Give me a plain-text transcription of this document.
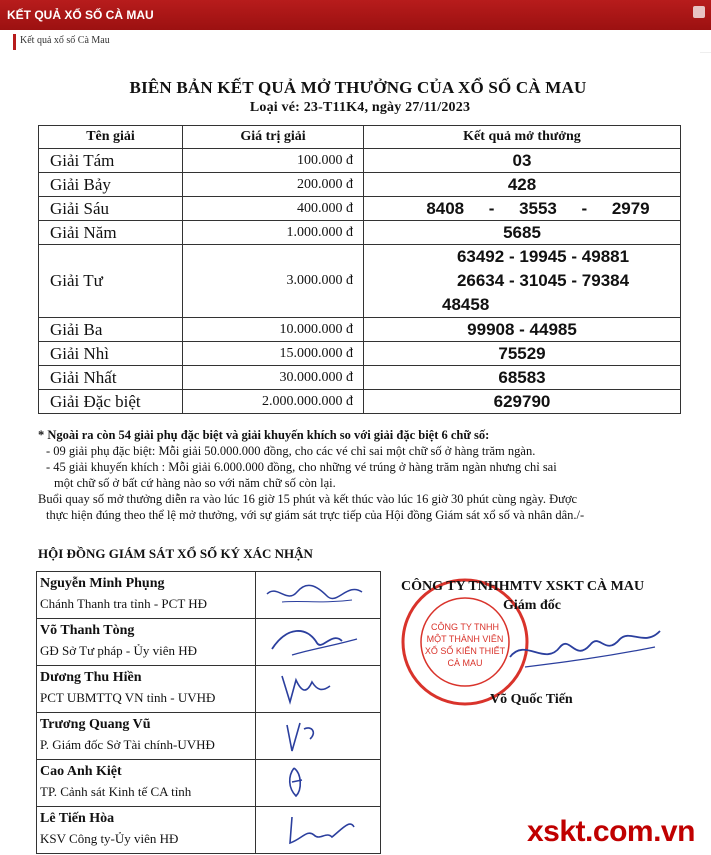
KẾT QUẢ XỔ SỐ CÀ MAU
Kết quả xổ số Cà Mau
BIÊN BẢN KẾT QUẢ MỞ THƯỞNG CỦA XỔ SỐ CÀ MAU
Loại vé: 23-T11K4, ngày 27/11/2023
Tên giải	Giá trị giải	Kết quả mở thưởng
Giải Tám	100.000 đ	03
Giải Bảy	200.000 đ	428
Giải Sáu	400.000 đ	8408 - 3553 - 2979

Giải Năm	1.000.000 đ	5685
Giải Tư	3.000.000 đ	63492 - 19945 - 49881
26634 - 31045 - 79384
48458

Giải Ba	10.000.000 đ	99908 - 44985
Giải Nhì	15.000.000 đ	75529
Giải Nhất	30.000.000 đ	68583
Giải Đặc biệt	2.000.000.000 đ	629790

* Ngoài ra còn 54 giải phụ đặc biệt và giải khuyến khích so với giải đặc biệt 6 chữ số:

- 09 giải phụ đặc biệt: Mỗi giải 50.000.000 đồng, cho các vé chỉ sai một chữ số ở hàng trăm ngàn.

- 45 giải khuyến khích : Mỗi giải 6.000.000 đồng, cho những vé trúng ở hàng trăm ngàn nhưng chỉ sai

một chữ số ở bất cứ hàng nào so với năm chữ số còn lại.

Buổi quay số mở thưởng diễn ra vào lúc 16 giờ 15 phút và kết thúc vào lúc 16 giờ 30 phút cùng ngày. Được

thực hiện đúng theo thể lệ mở thưởng, với sự giám sát trực tiếp của Hội đồng Giám sát xổ số và nhân dân./-

HỘI ĐỒNG GIÁM SÁT XỔ SỐ KÝ XÁC NHẬN
Nguyễn Minh Phụng
Chánh Thanh tra tỉnh - PCT HĐ
Võ Thanh Tòng
GĐ Sở Tư pháp - Ủy viên HĐ
Dương Thu Hiền
PCT UBMTTQ VN tỉnh - UVHĐ
Trương Quang Vũ
P. Giám đốc Sở Tài chính-UVHĐ
Cao Anh Kiệt
TP. Cảnh sát Kinh tế CA tỉnh
Lê Tiến Hòa
KSV Công ty-Ủy viên HĐ
CÔNG TY TNHH
MỘT THÀNH VIÊN
XỔ SỐ KIẾN THIẾT
CÀ MAU
CÔNG TY TNHHMTV XSKT CÀ MAU
Giám đốc
Võ Quốc Tiến
xskt.com.vn
